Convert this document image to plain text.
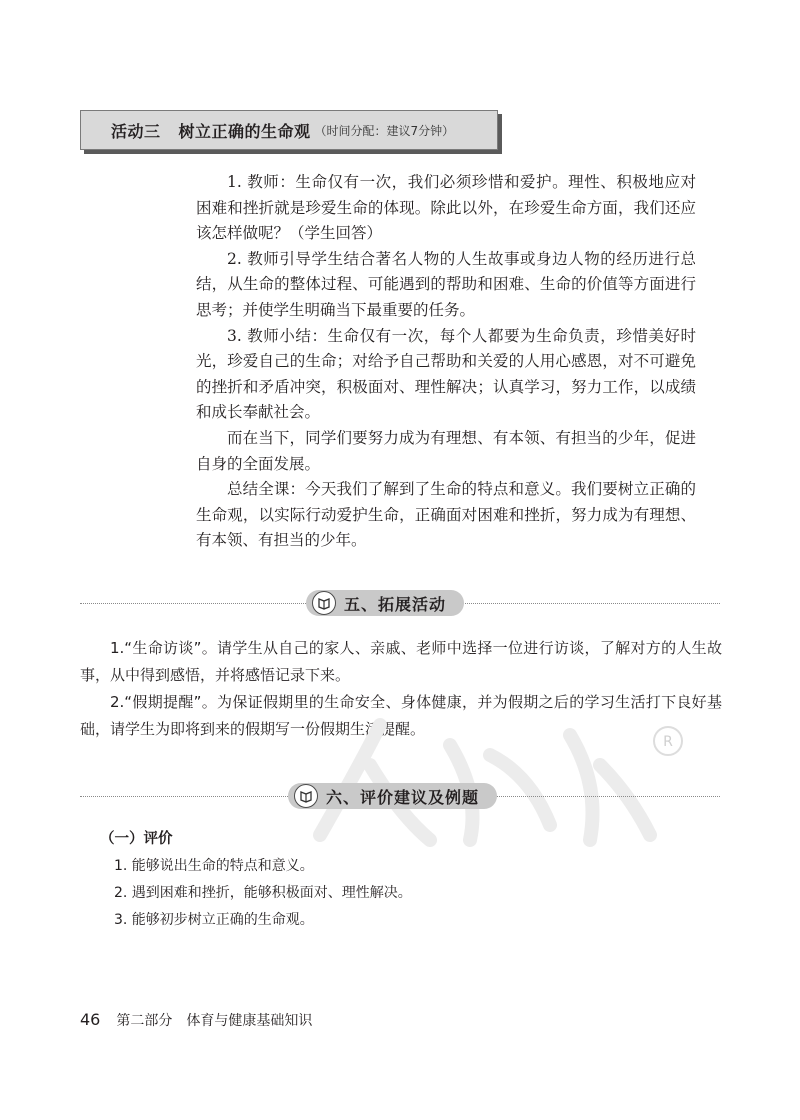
活动三 树立正确的生命观 （时间分配：建议7分钟）

1. 教师：生命仅有一次，我们必须珍惜和爱护。理性、积极地应对困难和挫折就是珍爱生命的体现。除此以外，在珍爱生命方面，我们还应该怎样做呢？（学生回答）

2. 教师引导学生结合著名人物的人生故事或身边人物的经历进行总结，从生命的整体过程、可能遇到的帮助和困难、生命的价值等方面进行思考；并使学生明确当下最重要的任务。

3. 教师小结：生命仅有一次，每个人都要为生命负责，珍惜美好时光，珍爱自己的生命；对给予自己帮助和关爱的人用心感恩，对不可避免的挫折和矛盾冲突，积极面对、理性解决；认真学习，努力工作，以成绩和成长奉献社会。

而在当下，同学们要努力成为有理想、有本领、有担当的少年，促进自身的全面发展。

总结全课：今天我们了解到了生命的特点和意义。我们要树立正确的生命观，以实际行动爱护生命，正确面对困难和挫折，努力成为有理想、有本领、有担当的少年。

五、拓展活动

1.“生命访谈”。请学生从自己的家人、亲戚、老师中选择一位进行访谈，了解对方的人生故事，从中得到感悟，并将感悟记录下来。

2.“假期提醒”。为保证假期里的生命安全、身体健康，并为假期之后的学习生活打下良好基础，请学生为即将到来的假期写一份假期生活提醒。

R
六、评价建议及例题
（一）评价
1. 能够说出生命的特点和意义。
2. 遇到困难和挫折，能够积极面对、理性解决。
3. 能够初步树立正确的生命观。
46 第二部分 体育与健康基础知识
